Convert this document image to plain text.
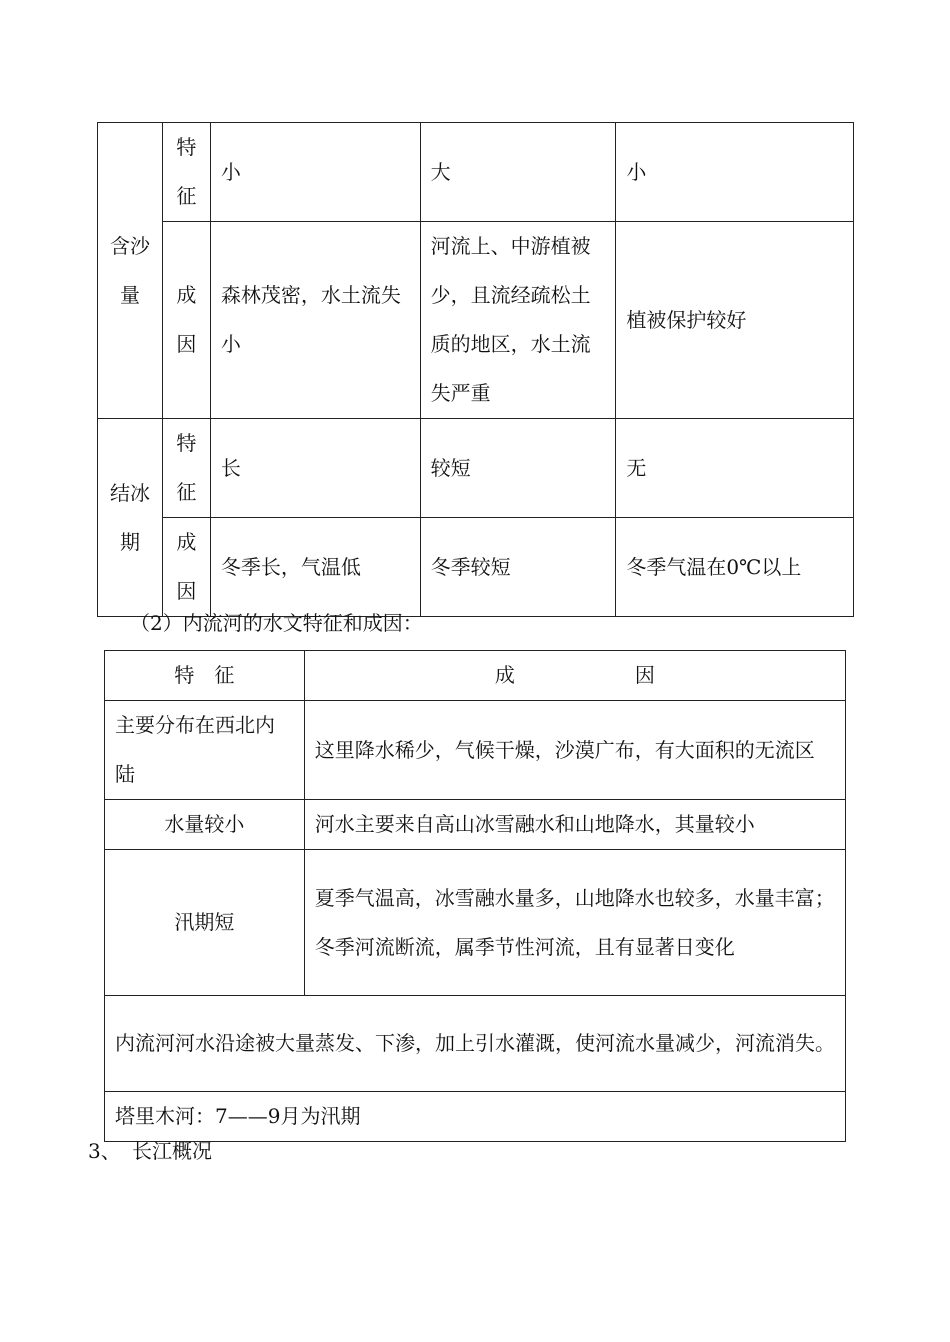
含沙量	特征	小	大	小
	成因	森林茂密，水土流失小	河流上、中游植被少，且流经疏松土质的地区，水土流失严重	植被保护较好
结冰期	特征	长	较短	无
	成因	冬季长，气温低	冬季较短	冬季气温在0℃以上
（2）内流河的水文特征和成因：
特　征	成　　　　　　因
主要分布在西北内陆	这里降水稀少，气候干燥，沙漠广布，有大面积的无流区
水量较小	河水主要来自高山冰雪融水和山地降水，其量较小
汛期短	夏季气温高，冰雪融水量多，山地降水也较多，水量丰富；冬季河流断流，属季节性河流，且有显著日变化
内流河河水沿途被大量蒸发、下渗，加上引水灌溉，使河流水量减少，河流消失。	
塔里木河：7——9月为汛期	
3、 长江概况
